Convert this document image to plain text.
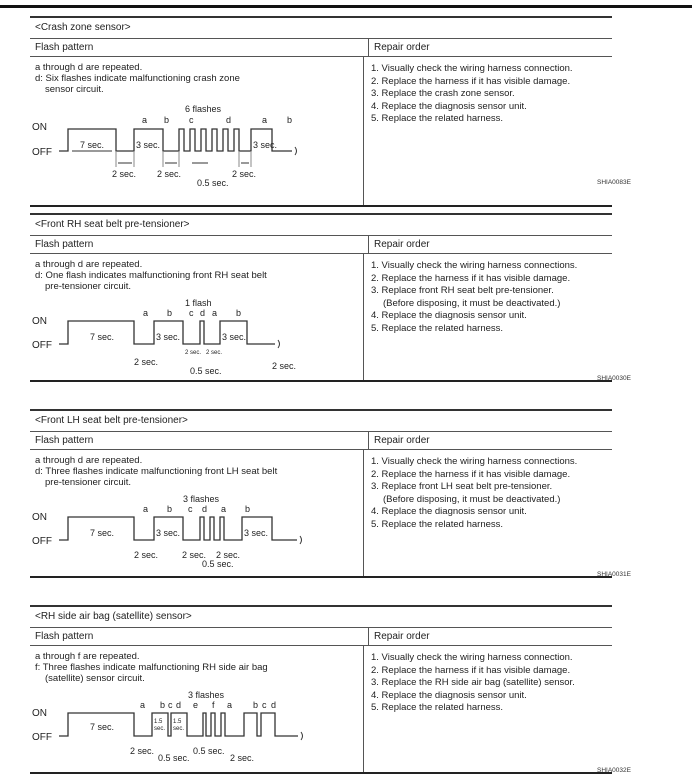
<Crash zone sensor>
Flash pattern	Repair order
a through d are repeated.
d: Six flashes indicate malfunctioning crash zone
sensor circuit.
ON
OFF
6 flashes
a b c	d	a b
7 sec.	3 sec.	3 sec.
2 sec. 2 sec.
0.5 sec.
2 sec.
1. Visually check the wiring harness connection.
2. Replace the harness if it has visible damage.
3. Replace the crash zone sensor.
4. Replace the diagnosis sensor unit.
5. Replace the related harness.
SHIA0083E
<Front RH seat belt pre-tensioner>
Flash pattern	Repair order
a through d are repeated.
d: One flash indicates malfunctioning front RH seat belt
pre-tensioner circuit.
ON
OFF
1 flash
a b c d a b
7 sec.	3 sec.	3 sec.
2 sec.
2 sec. 2 sec.
0.5 sec.	2 sec.
1. Visually check the wiring harness connections.
2. Replace the harness if it has visible damage.
3. Replace front RH seat belt pre-tensioner.
(Before disposing, it must be deactivated.)
4. Replace the diagnosis sensor unit.
5. Replace the related harness.
SHIA0030E
<Front LH seat belt pre-tensioner>
Flash pattern	Repair order
a through d are repeated.
d: Three flashes indicate malfunctioning front LH seat belt
pre-tensioner circuit.
ON
OFF
3 flashes
a b c d a b
7 sec.	3 sec.	3 sec.
2 sec.	2 sec. 2 sec.
0.5 sec.
1. Visually check the wiring harness connections.
2. Replace the harness if it has visible damage.
3. Replace front LH seat belt pre-tensioner.
(Before disposing, it must be deactivated.)
4. Replace the diagnosis sensor unit.
5. Replace the related harness.
SHIA0031E
<RH side air bag (satellite) sensor>
Flash pattern	Repair order
a through f are repeated.
f: Three flashes indicate malfunctioning RH side air bag
(satellite) sensor circuit.
ON
OFF
3 flashes
a b c d e f a b c d
7 sec.	1.5
sec.
1.5
sec.
2 sec.
0.5 sec.
0.5 sec.
2 sec.
1. Visually check the wiring harness connection.
2. Replace the harness if it has visible damage.
3. Replace the RH side air bag (satellite) sensor.
4. Replace the diagnosis sensor unit.
5. Replace the related harness.
SHIA0032E
